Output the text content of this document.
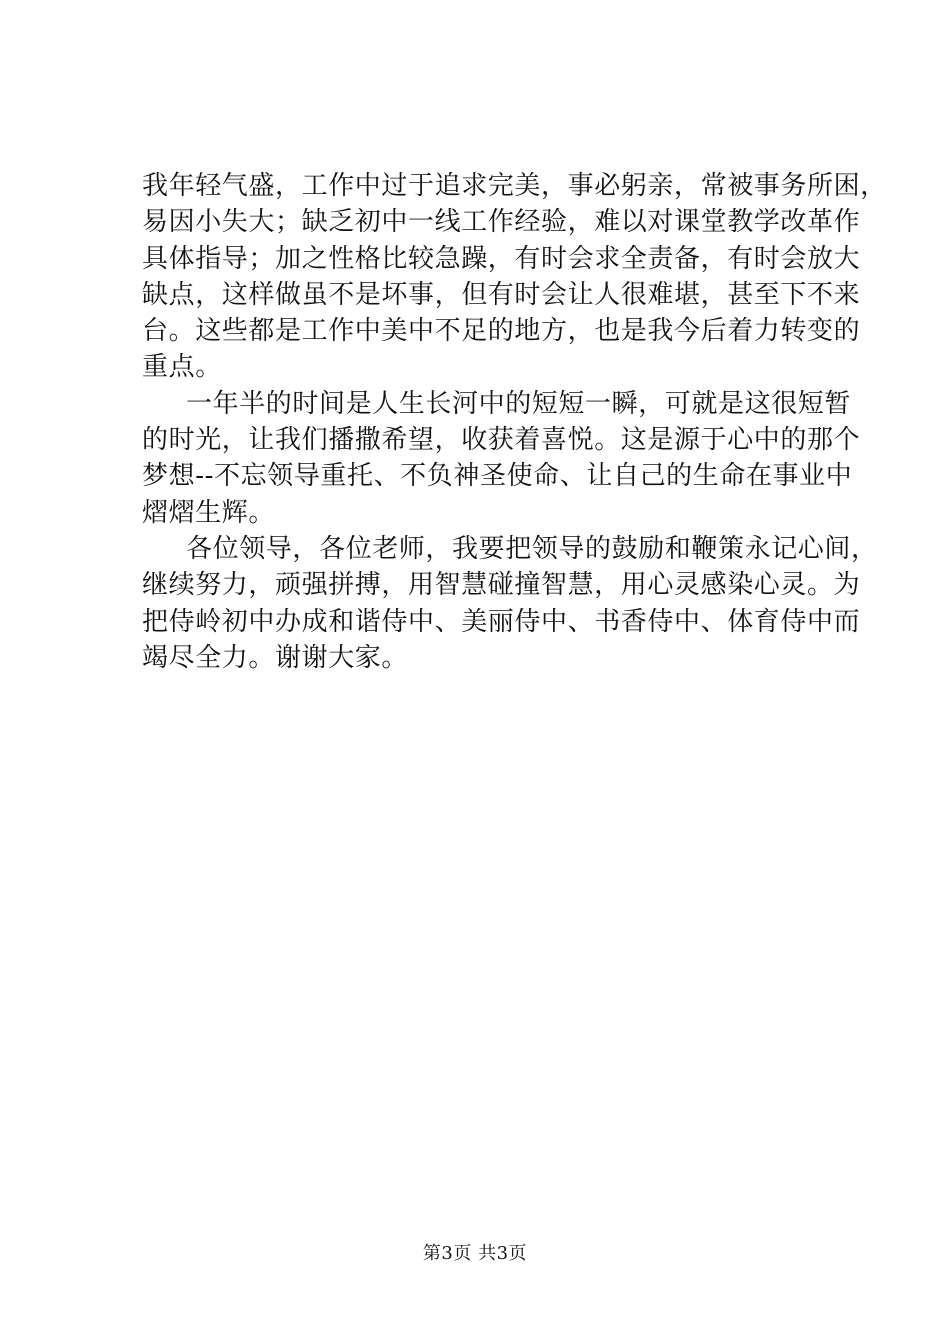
我年轻气盛，工作中过于追求完美，事必躬亲，常被事务所困，
易因小失大；缺乏初中一线工作经验，难以对课堂教学改革作
具体指导；加之性格比较急躁，有时会求全责备，有时会放大
缺点，这样做虽不是坏事，但有时会让人很难堪，甚至下不来
台。这些都是工作中美中不足的地方，也是我今后着力转变的
重点。
一年半的时间是人生长河中的短短一瞬，可就是这很短暂
的时光，让我们播撒希望，收获着喜悦。这是源于心中的那个
梦想--不忘领导重托、不负神圣使命、让自己的生命在事业中
熠熠生辉。
各位领导，各位老师，我要把领导的鼓励和鞭策永记心间，
继续努力，顽强拼搏，用智慧碰撞智慧，用心灵感染心灵。为
把侍岭初中办成和谐侍中、美丽侍中、书香侍中、体育侍中而
竭尽全力。谢谢大家。
第3页 共3页
